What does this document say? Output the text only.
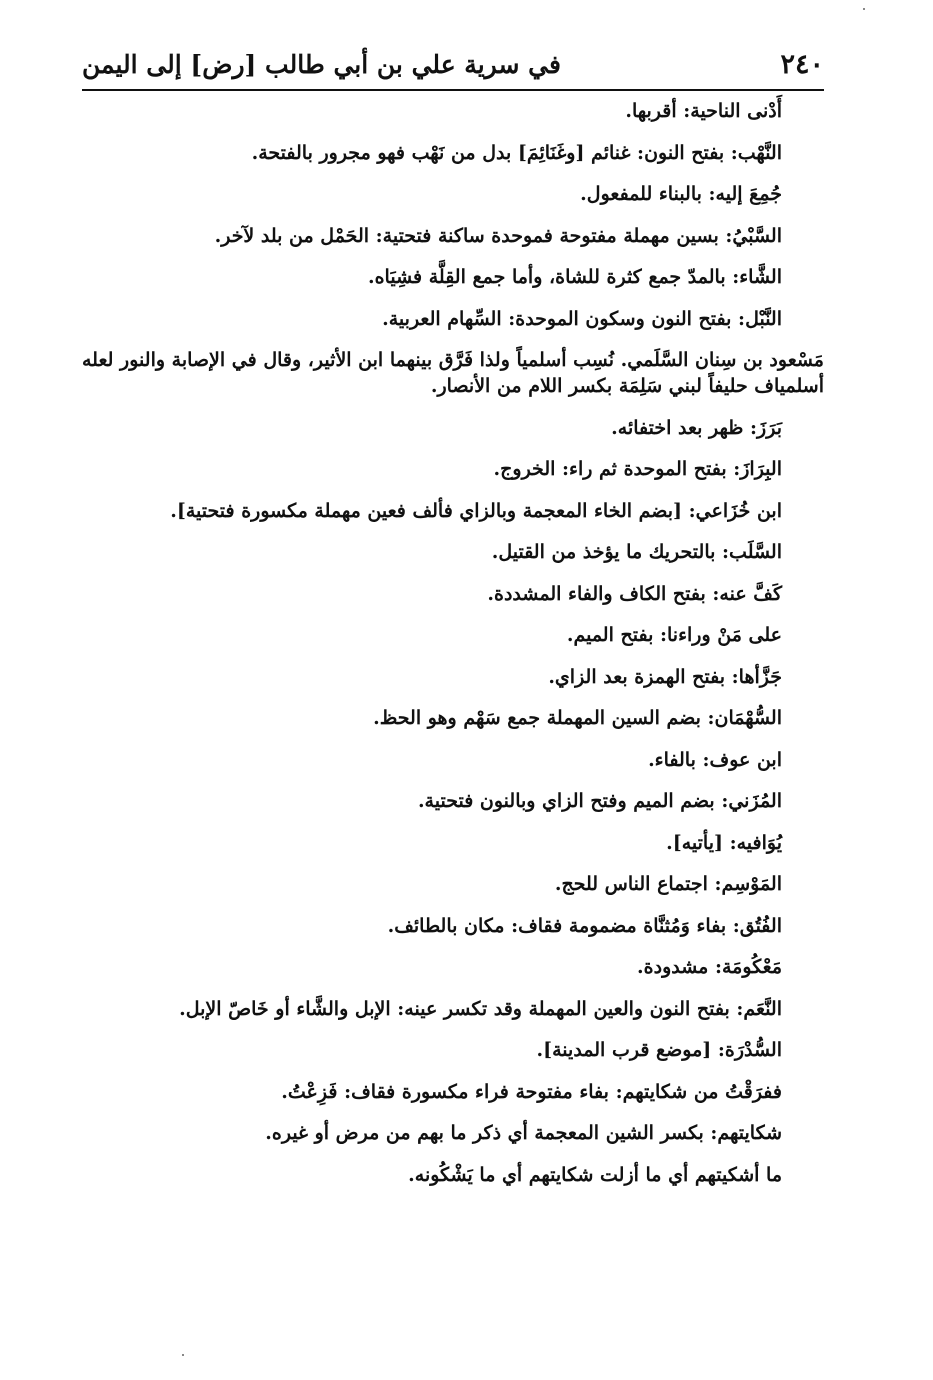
٢٤٠
في سرية علي بن أبي طالب [رض] إلى اليمن

أَدْنى الناحية: أقربها.

النَّهْب: بفتح النون: غنائم [وغَنَائِمَ] بدل من نَهْب فهو مجرور بالفتحة.

جُمِعَ إليه: بالبناء للمفعول.

السَّبْيُ: بسين مهملة مفتوحة فموحدة ساكنة فتحتية: الحَمْل من بلد لآخر.

الشَّاء: بالمدّ جمع كثرة للشاة، وأما جمع القِلَّة فشِيَاه.

النَّبْل: بفتح النون وسكون الموحدة: السِّهام العربية.

مَسْعود بن سِنان السَّلَمي. نُسِب أسلمياً ولذا فَرَّق بينهما ابن الأثير، وقال في الإصابة والنور لعله أسلمياف حليفاً لبني سَلِمَة بكسر اللام من الأنصار.

بَرَزَ: ظهر بعد اختفائه.

البِرَازَ: بفتح الموحدة ثم راء: الخروج.

ابن خُزَاعي: [بضم الخاء المعجمة وبالزاي فألف فعين مهملة مكسورة فتحتية].

السَّلَب: بالتحريك ما يؤخذ من القتيل.

كَفَّ عنه: بفتح الكاف والفاء المشددة.

على مَنْ وراءنا: بفتح الميم.

جَزَّأها: بفتح الهمزة بعد الزاي.

السُّهْمَان: بضم السين المهملة جمع سَهْم وهو الحظ.

ابن عوف: بالفاء.

المُزَني: بضم الميم وفتح الزاي وبالنون فتحتية.

يُوَافيه: [يأتيه].

المَوْسِم: اجتماع الناس للحج.

الفُتُق: بفاء وَمُثنَّاة مضمومة فقاف: مكان بالطائف.

مَعْكُومَة: مشدودة.

النَّعَم: بفتح النون والعين المهملة وقد تكسر عينه: الإبل والشَّاء أو خَاصّ الإبل.

السُّدْرَة: [موضع قرب المدينة].

ففرَقْتُ من شكايتهم: بفاء مفتوحة فراء مكسورة فقاف: فَزِعْتُ.

شكايتهم: بكسر الشين المعجمة أي ذكر ما بهم من مرض أو غيره.

ما أشكيتهم أي ما أزلت شكايتهم أي ما يَشْكُونه.
